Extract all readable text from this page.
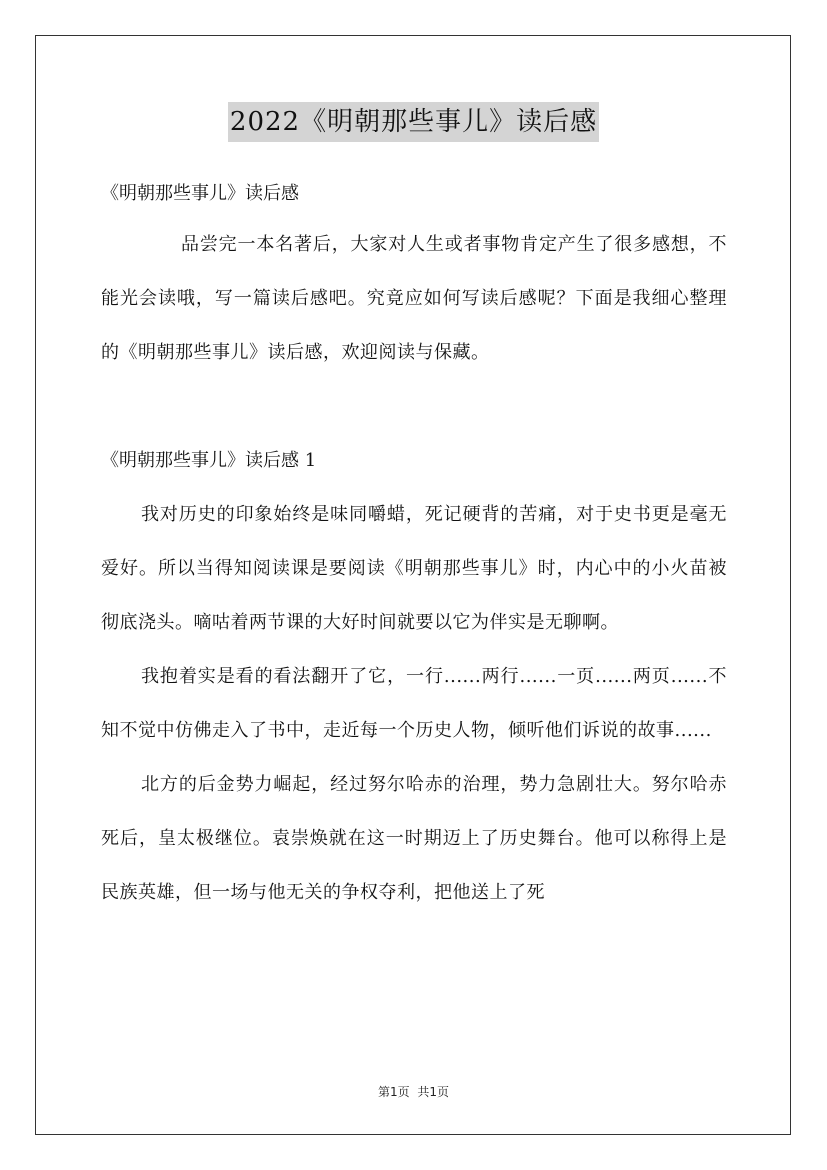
2022《明朝那些事儿》读后感

《明朝那些事儿》读后感

品尝完一本名著后，大家对人生或者事物肯定产生了很多感想，不能光会读哦，写一篇读后感吧。究竟应如何写读后感呢？下面是我细心整理的《明朝那些事儿》读后感，欢迎阅读与保藏。

《明朝那些事儿》读后感 1

我对历史的印象始终是味同嚼蜡，死记硬背的苦痛，对于史书更是毫无爱好。所以当得知阅读课是要阅读《明朝那些事儿》时，内心中的小火苗被彻底浇头。嘀咕着两节课的大好时间就要以它为伴实是无聊啊。

我抱着实是看的看法翻开了它，一行......两行......一页......两页......不知不觉中仿佛走入了书中，走近每一个历史人物，倾听他们诉说的故事......

北方的后金势力崛起，经过努尔哈赤的治理，势力急剧壮大。努尔哈赤死后，皇太极继位。袁崇焕就在这一时期迈上了历史舞台。他可以称得上是民族英雄，但一场与他无关的争权夺利，把他送上了死

第1页 共1页
